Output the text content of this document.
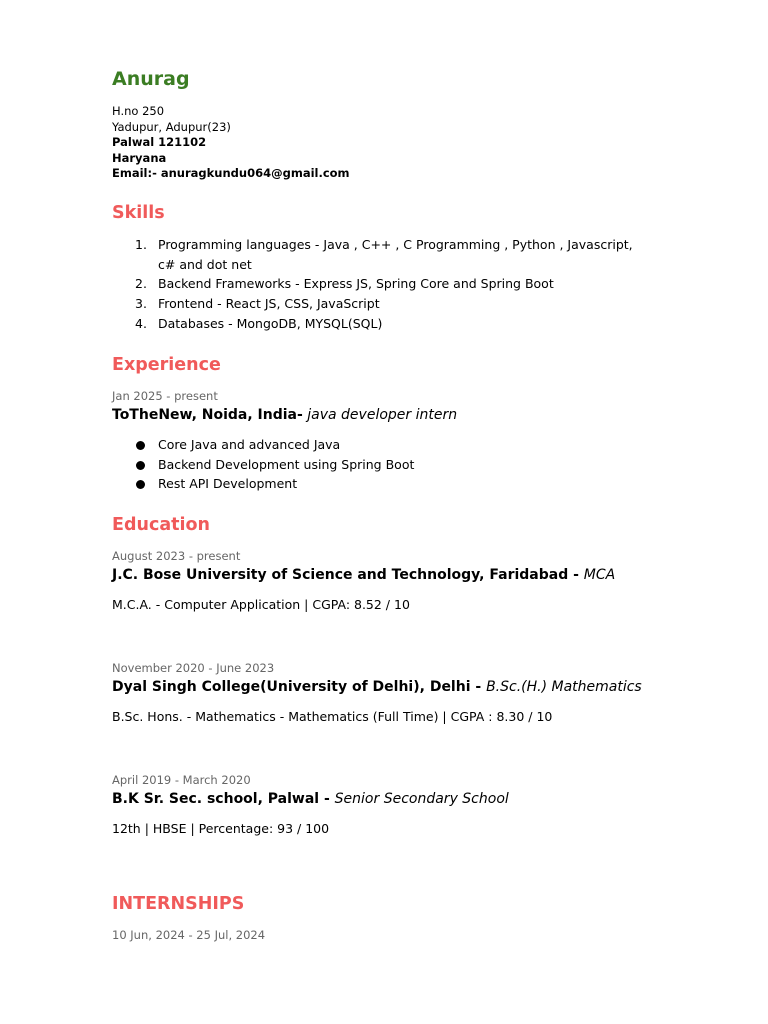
Anurag
H.no 250
Yadupur, Adupur(23)
Palwal 121102
Haryana
Email:- anuragkundu064@gmail.com
Skills
1. Programming languages - Java , C++ , C Programming , Python , Javascript,
c# and dot net
2. Backend Frameworks - Express JS, Spring Core and Spring Boot
3. Frontend - React JS, CSS, JavaScript
4. Databases - MongoDB, MYSQL(SQL)
Experience
Jan 2025 - present
ToTheNew, Noida, India- java developer intern
Core Java and advanced Java
Backend Development using Spring Boot
Rest API Development
Education
August 2023 - present
J.C. Bose University of Science and Technology, Faridabad - MCA
M.C.A. - Computer Application | CGPA: 8.52 / 10
November 2020 - June 2023
Dyal Singh College(University of Delhi), Delhi - B.Sc.(H.) Mathematics
B.Sc. Hons. - Mathematics - Mathematics (Full Time) | CGPA : 8.30 / 10
April 2019 - March 2020
B.K Sr. Sec. school, Palwal - Senior Secondary School
12th | HBSE | Percentage: 93 / 100
INTERNSHIPS
10 Jun, 2024 - 25 Jul, 2024
